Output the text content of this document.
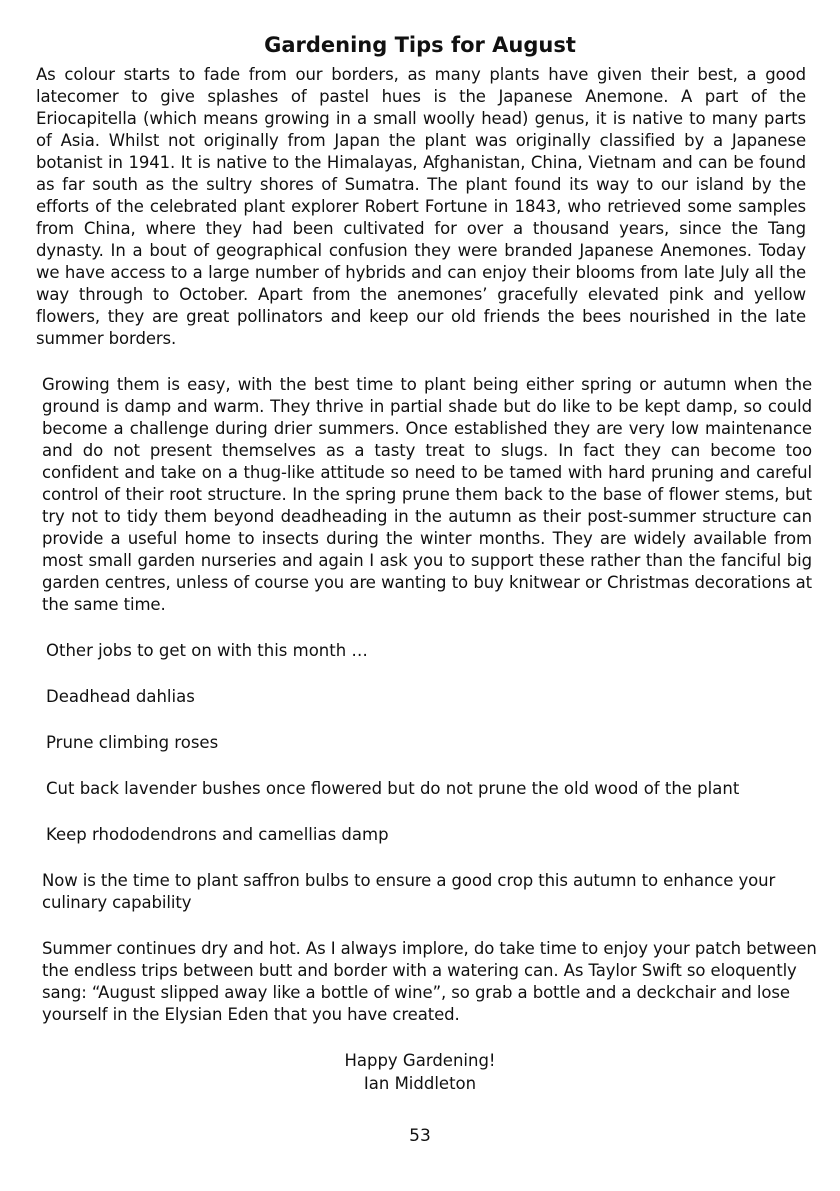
Gardening Tips for August

As colour starts to fade from our borders, as many plants have given their best, a good latecomer to give splashes of pastel hues is the Japanese Anemone. A part of the Eriocapitella (which means growing in a small woolly head) genus, it is native to many parts of Asia. Whilst not originally from Japan the plant was originally classified by a Japanese botanist in 1941. It is native to the Himalayas, Afghanistan, China, Vietnam and can be found as far south as the sultry shores of Sumatra. The plant found its way to our island by the efforts of the celebrated plant explorer Robert Fortune in 1843, who retrieved some samples from China, where they had been cultivated for over a thousand years, since the Tang dynasty. In a bout of geographical confusion they were branded Japanese Anemones. Today we have access to a large number of hybrids and can enjoy their blooms from late July all the way through to October. Apart from the anemones’ gracefully elevated pink and yellow flowers, they are great pollinators and keep our old friends the bees nourished in the late summer borders.

Growing them is easy, with the best time to plant being either spring or autumn when the ground is damp and warm. They thrive in partial shade but do like to be kept damp, so could become a challenge during drier summers. Once established they are very low maintenance and do not present themselves as a tasty treat to slugs. In fact they can become too confident and take on a thug-like attitude so need to be tamed with hard pruning and careful control of their root structure. In the spring prune them back to the base of flower stems, but try not to tidy them beyond deadheading in the autumn as their post-summer structure can provide a useful home to insects during the winter months. They are widely available from most small garden nurseries and again I ask you to support these rather than the fanciful big garden centres, unless of course you are wanting to buy knitwear or Christmas decorations at the same time.

Other jobs to get on with this month …

Deadhead dahlias

Prune climbing roses

Cut back lavender bushes once flowered but do not prune the old wood of the plant

Keep rhododendrons and camellias damp

Now is the time to plant saffron bulbs to ensure a good crop this autumn to enhance your culinary capability

Summer continues dry and hot. As I always implore, do take time to enjoy your patch between the endless trips between butt and border with a watering can. As Taylor Swift so eloquently sang: “August slipped away like a bottle of wine”, so grab a bottle and a deckchair and lose yourself in the Elysian Eden that you have created.

Happy Gardening!
Ian Middleton
53
